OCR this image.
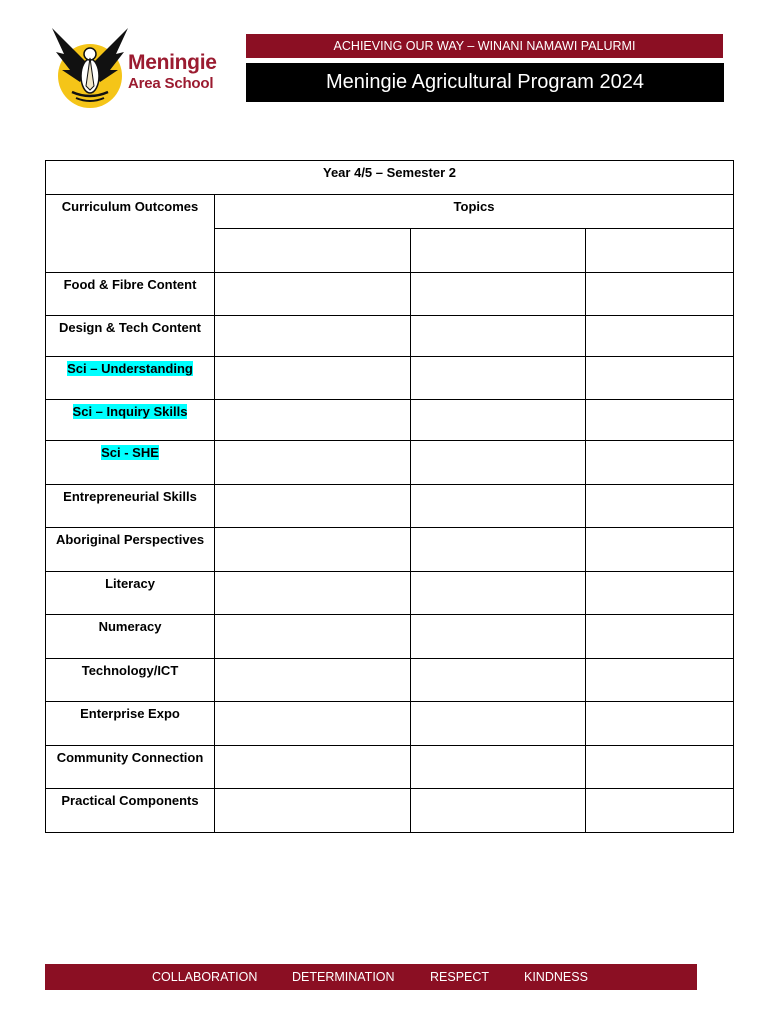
Meningie
Area School
ACHIEVING OUR WAY – WINANI NAMAWI PALURMI
Meningie Agricultural Program 2024
Year 4/5 – Semester 2			
Curriculum Outcomes	Topics		

Food & Fibre Content			
Design & Tech Content			
Sci – Understanding			
Sci – Inquiry Skills			
Sci - SHE			
Entrepreneurial Skills			
Aboriginal Perspectives			
Literacy			
Numeracy			
Technology/ICT			
Enterprise Expo			
Community Connection			
Practical Components			
COLLABORATION	DETERMINATION	RESPECT	KINDNESS
